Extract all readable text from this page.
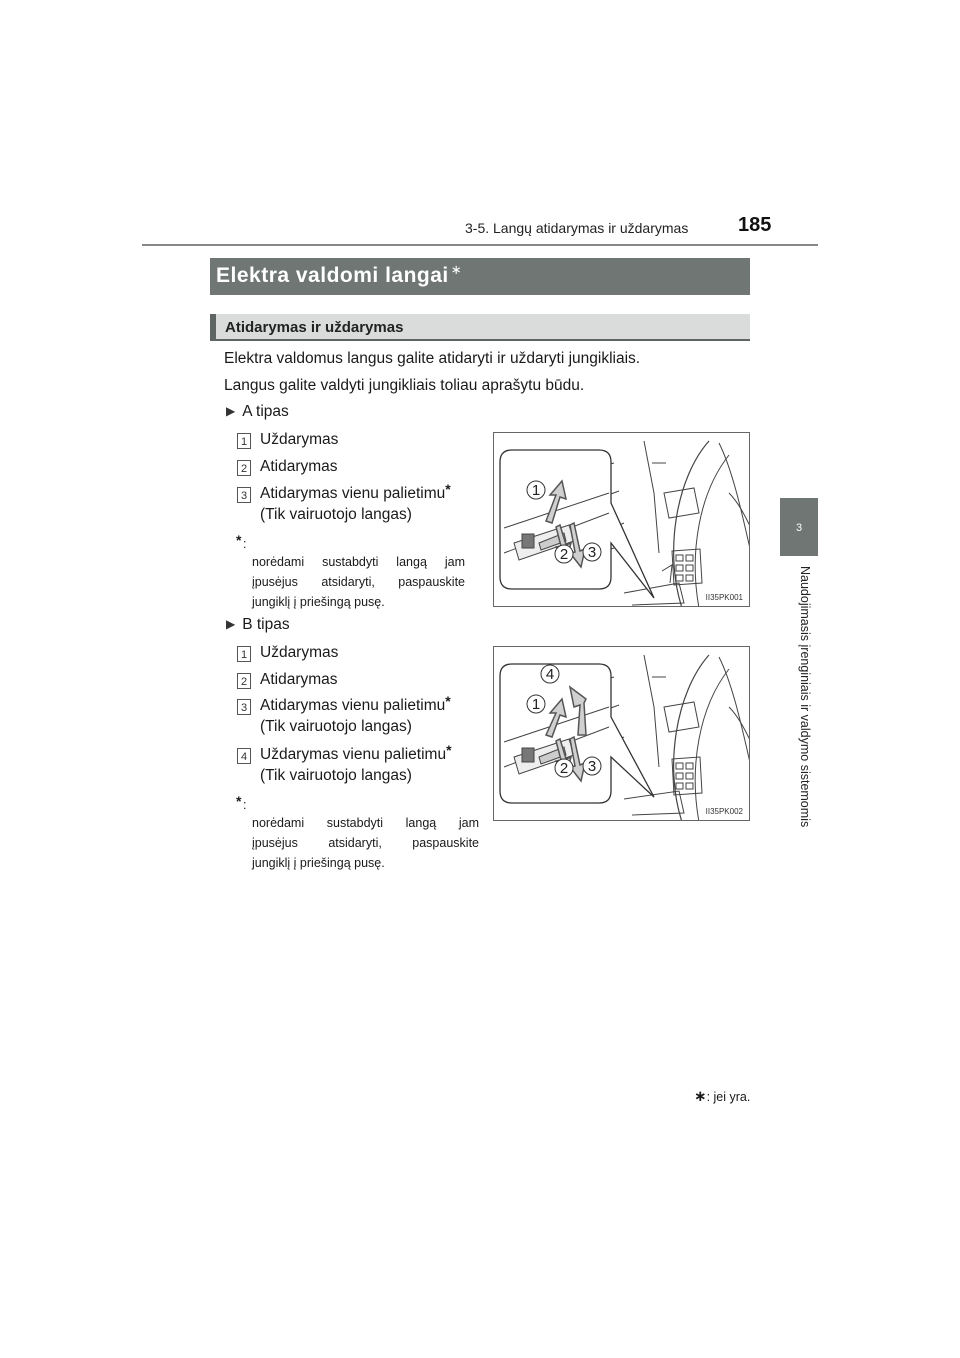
3-5. Langų atidarymas ir uždarymas 185
3
Naudojimasis įrenginiais ir valdymo sistemomis
Elektra valdomi langai ∗
Atidarymas ir uždarymas
Elektra valdomus langus galite atidaryti ir uždaryti jungikliais.
Langus galite valdyti jungikliais toliau aprašytu būdu.
▶ A tipas
1 Uždarymas
2 Atidarymas
3 Atidarymas vienu palietimu*
(Tik vairuotojo langas)
* :
norėdami sustabdyti langą jam
įpusėjus atsidaryti, paspauskite
jungiklį į priešingą pusę.
1
2 3
II35PK001
▶ B tipas
1 Uždarymas
2 Atidarymas
3 Atidarymas vienu palietimu*
(Tik vairuotojo langas)
4 Uždarymas vienu palietimu*
(Tik vairuotojo langas)
* :
norėdami sustabdyti langą jam
įpusėjus atsidaryti, paspauskite
jungiklį į priešingą pusę.
1
2 3
4
II35PK002
∗: jei yra.
